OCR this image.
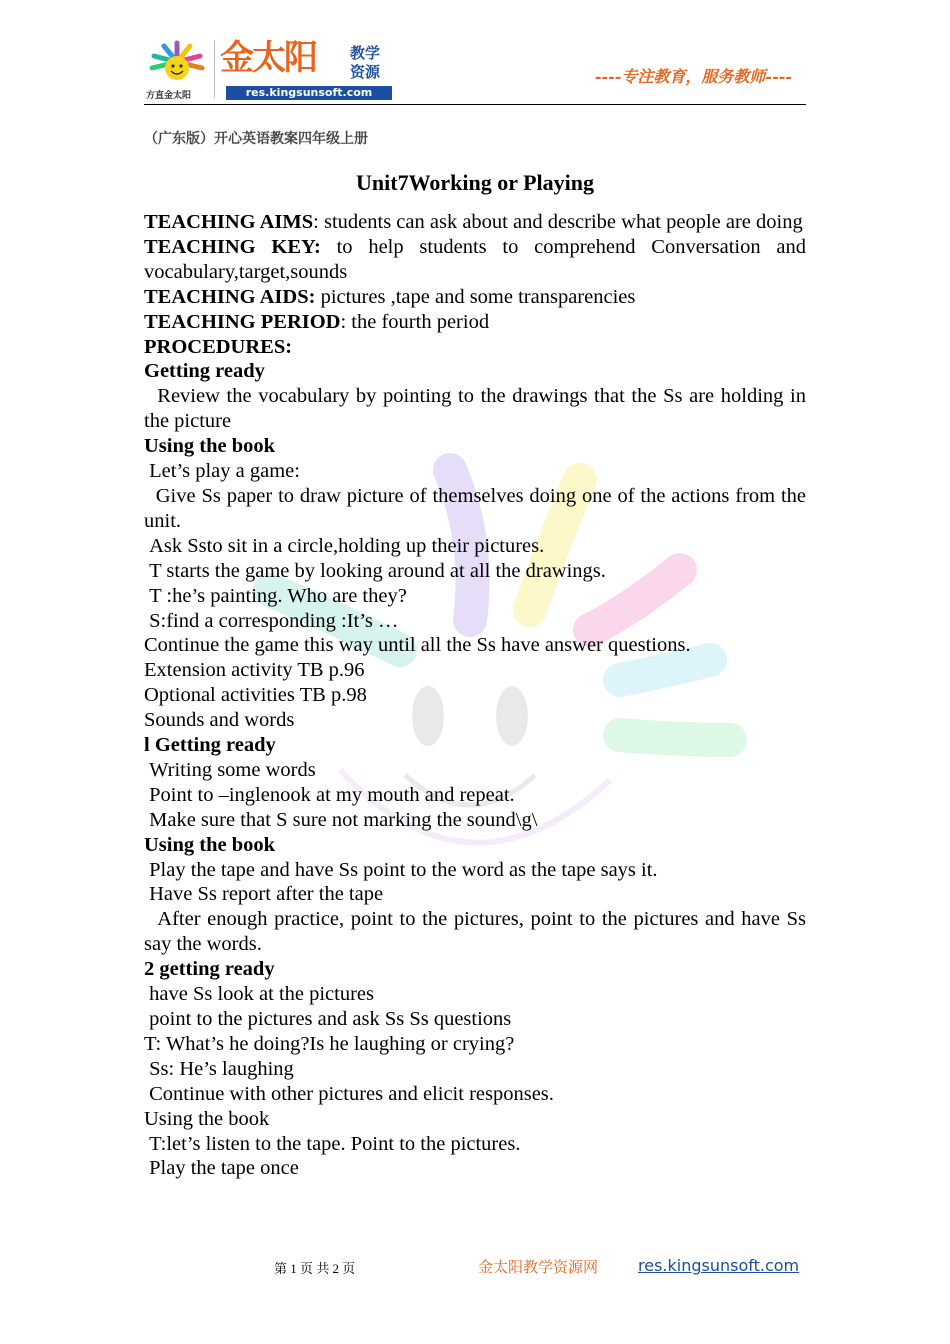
方直金太阳
金太阳 教学资源
res.kingsunsoft.com
----专注教育，服务教师----
（广东版）开心英语教案四年级上册
Unit7Working or Playing

TEACHING AIMS: students can ask about and describe what people are doing

TEACHING KEY: to help students to comprehend Conversation and vocabulary,target,sounds

TEACHING AIDS: pictures ,tape and some transparencies

TEACHING PERIOD: the fourth period

PROCEDURES:

Getting ready

Review the vocabulary by pointing to the drawings that the Ss are holding in the picture

Using the book

Let’s play a game:

Give Ss paper to draw picture of themselves doing one of the actions from the unit.

Ask Ssto sit in a circle,holding up their pictures.

T starts the game by looking around at all the drawings.

T :he’s painting. Who are they?

S:find a corresponding :It’s …

Continue the game this way until all the Ss have answer questions.

Extension activity TB p.96

Optional activities TB p.98

Sounds and words

l Getting ready

Writing some words

Point to –inglenook at my mouth and repeat.

Make sure that S sure not marking the sound\g\

Using the book

Play the tape and have Ss point to the word as the tape says it.

Have Ss report after the tape

After enough practice, point to the pictures, point to the pictures and have Ss say the words.

2 getting ready

have Ss look at the pictures

point to the pictures and ask Ss Ss questions

T: What’s he doing?Is he laughing or crying?

Ss: He’s laughing

Continue with other pictures and elicit responses.

Using the book

T:let’s listen to the tape. Point to the pictures.

Play the tape once

第 1 页 共 2 页	金太阳教学资源网 res.kingsunsoft.com
